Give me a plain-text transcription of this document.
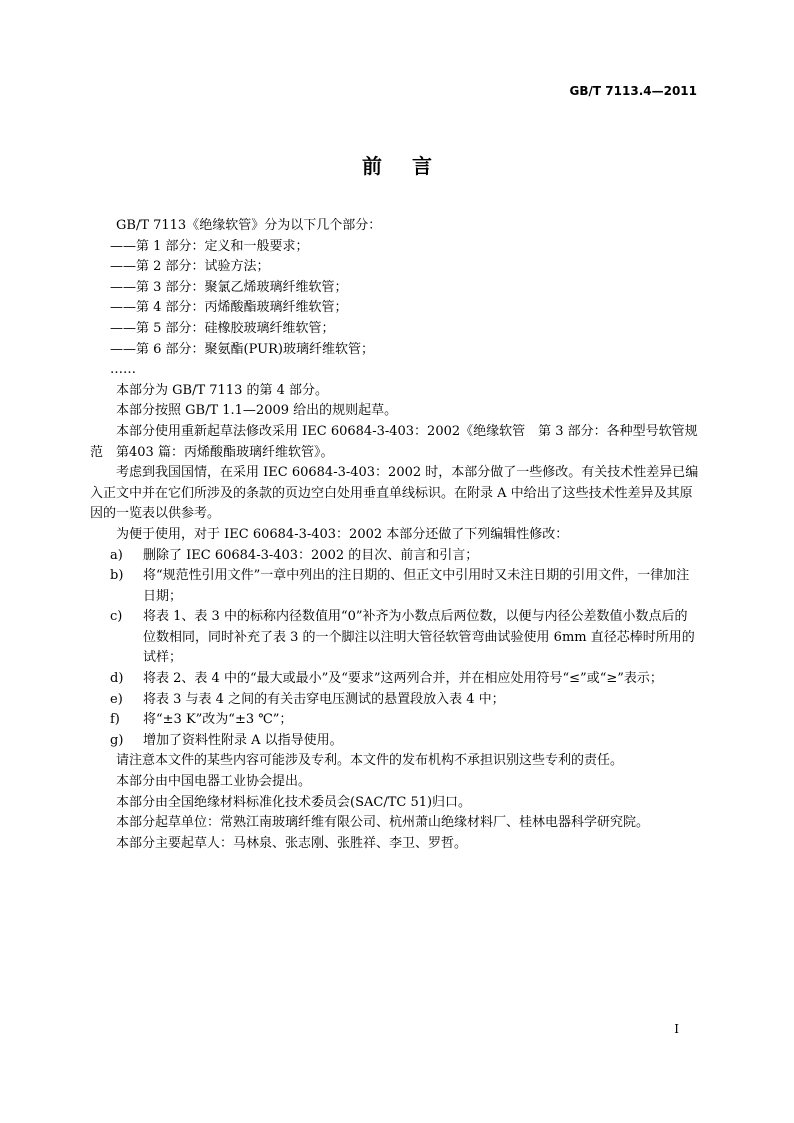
GB/T 7113.4—2011
前言

GB/T 7113《绝缘软管》分为以下几个部分：

——第 1 部分：定义和一般要求；

——第 2 部分：试验方法；

——第 3 部分：聚氯乙烯玻璃纤维软管；

——第 4 部分：丙烯酸酯玻璃纤维软管；

——第 5 部分：硅橡胶玻璃纤维软管；

——第 6 部分：聚氨酯(PUR)玻璃纤维软管；

……

本部分为 GB/T 7113 的第 4 部分。

本部分按照 GB/T 1.1—2009 给出的规则起草。

本部分使用重新起草法修改采用 IEC 60684-3-403：2002《绝缘软管　第 3 部分：各种型号软管规范　第403 篇：丙烯酸酯玻璃纤维软管》。

考虑到我国国情，在采用 IEC 60684-3-403：2002 时，本部分做了一些修改。有关技术性差异已编入正文中并在它们所涉及的条款的页边空白处用垂直单线标识。在附录 A 中给出了这些技术性差异及其原因的一览表以供参考。

为便于使用，对于 IEC 60684-3-403：2002 本部分还做了下列编辑性修改：

a)	删除了 IEC 60684-3-403：2002 的目次、前言和引言；
b)	将“规范性引用文件”一章中列出的注日期的、但正文中引用时又未注日期的引用文件，一律加注日期；
c)	将表 1、表 3 中的标称内径数值用“0”补齐为小数点后两位数，以便与内径公差数值小数点后的位数相同，同时补充了表 3 的一个脚注以注明大管径软管弯曲试验使用 6mm 直径芯棒时所用的试样；
d)	将表 2、表 4 中的“最大或最小”及“要求”这两列合并，并在相应处用符号“≤”或“≥”表示；
e)	将表 3 与表 4 之间的有关击穿电压测试的悬置段放入表 4 中；
f)	将“±3 K”改为“±3 ℃”；
g)	增加了资料性附录 A 以指导使用。

请注意本文件的某些内容可能涉及专利。本文件的发布机构不承担识别这些专利的责任。

本部分由中国电器工业协会提出。

本部分由全国绝缘材料标准化技术委员会(SAC/TC 51)归口。

本部分起草单位：常熟江南玻璃纤维有限公司、杭州萧山绝缘材料厂、桂林电器科学研究院。

本部分主要起草人：马林泉、张志刚、张胜祥、李卫、罗哲。

I
